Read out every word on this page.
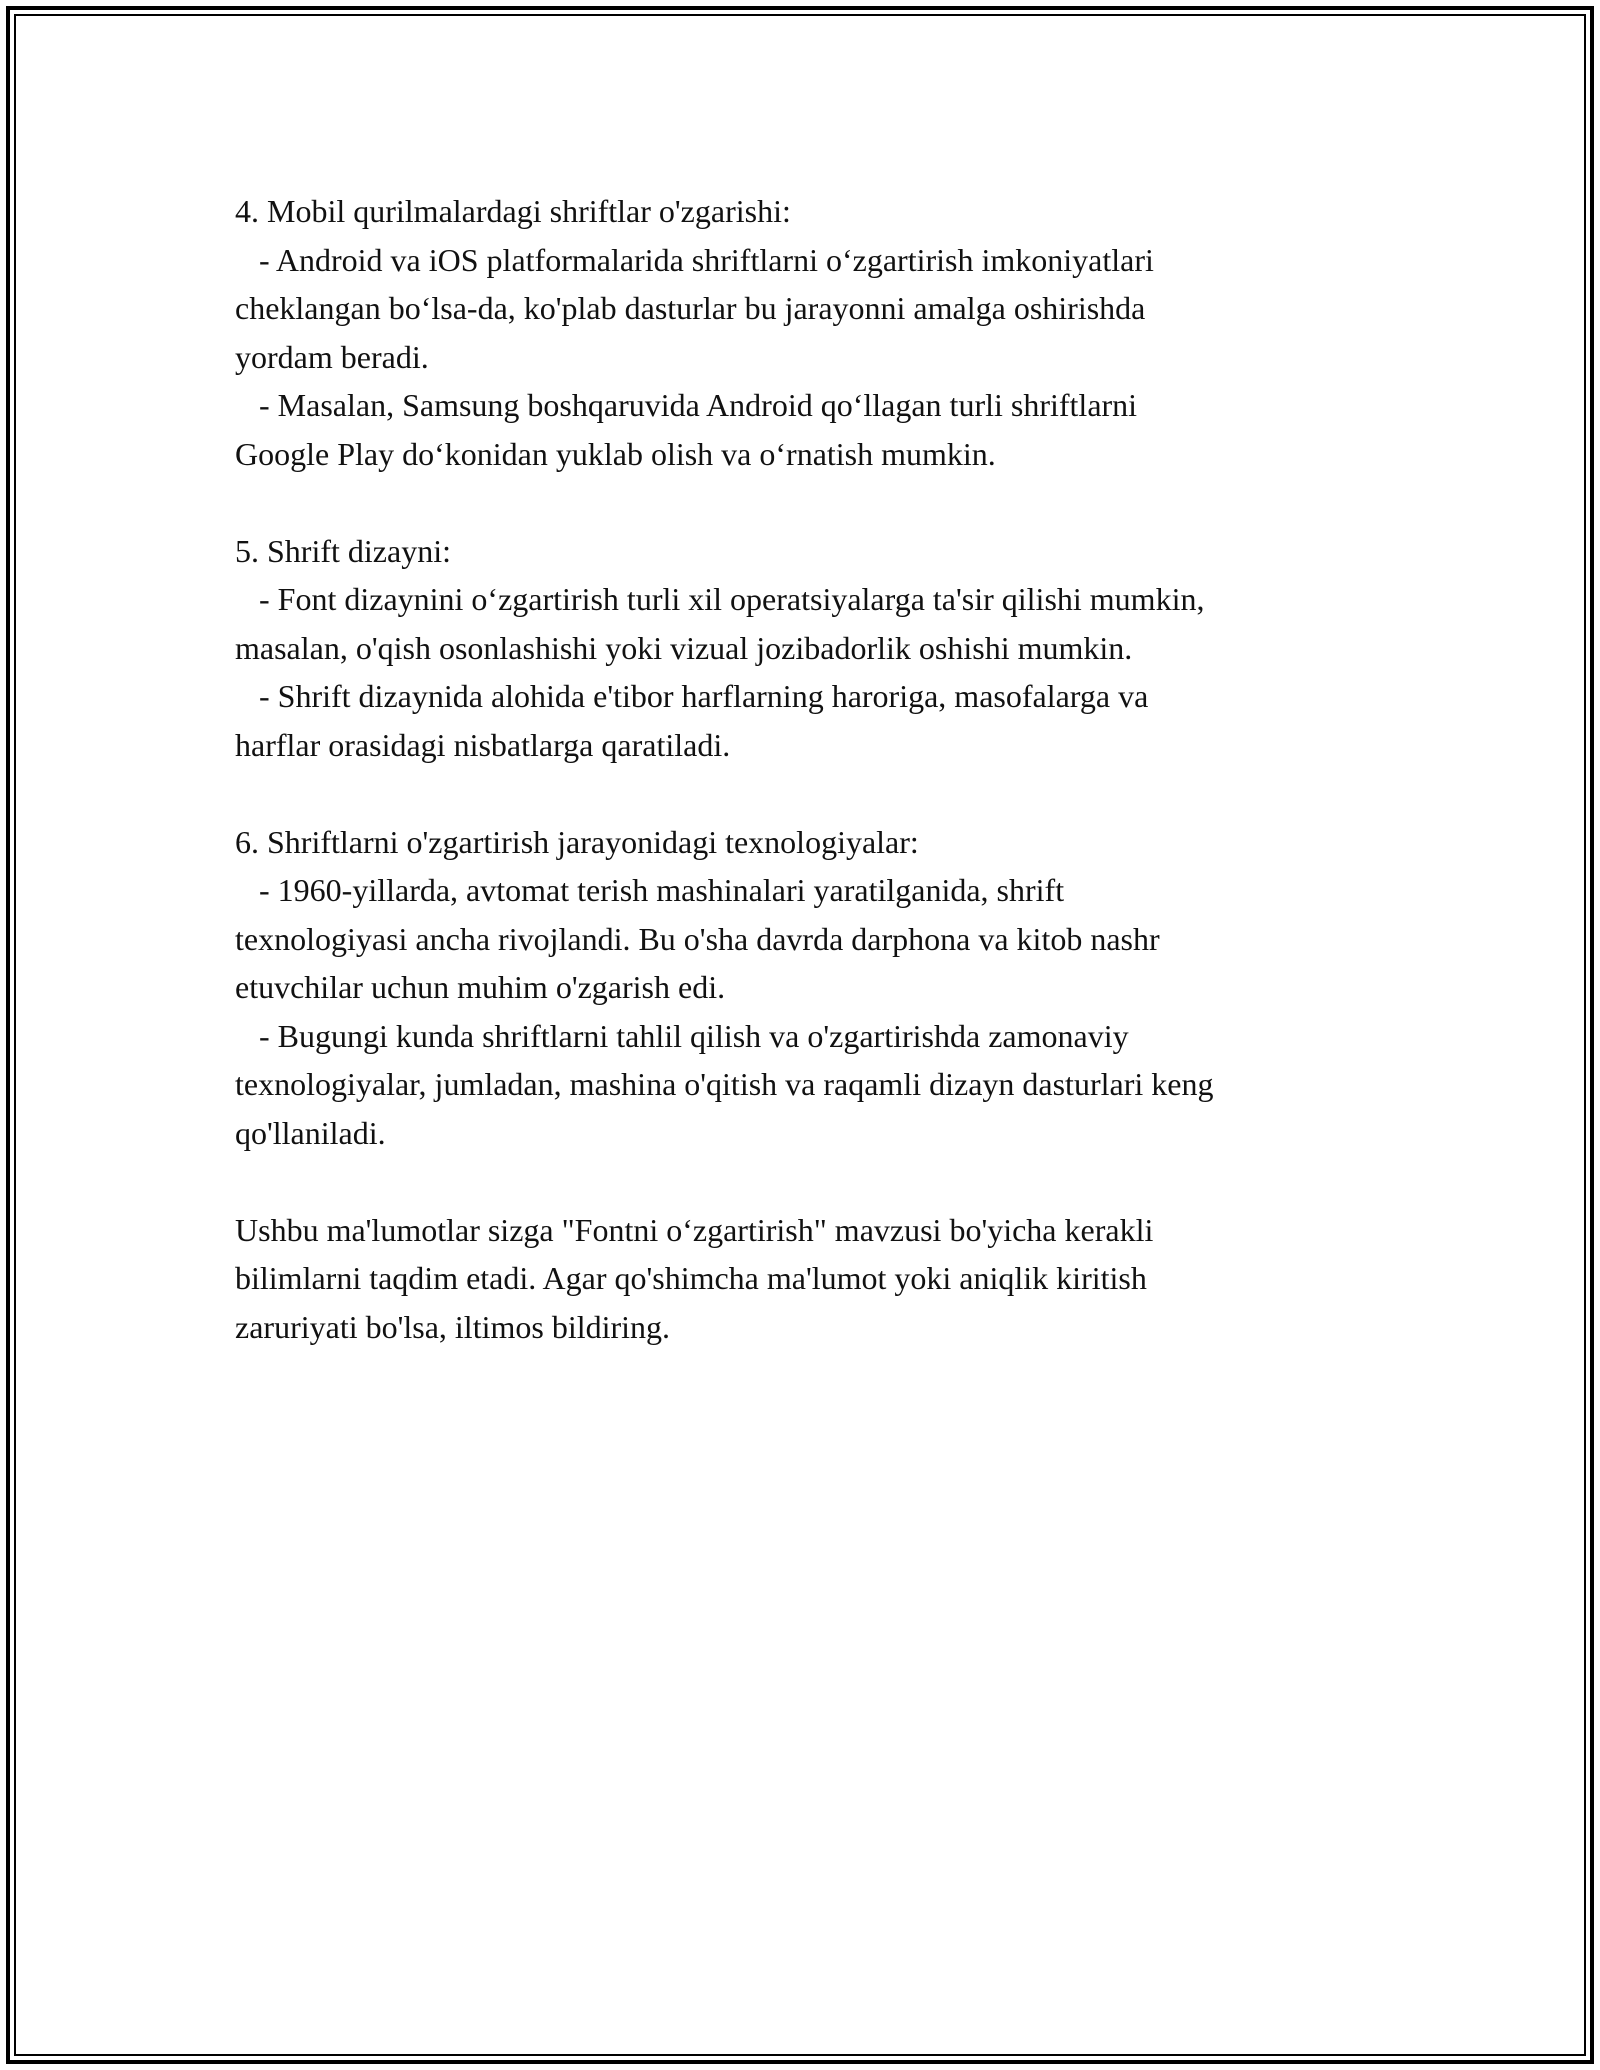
4. Mobil qurilmalardagi shriftlar o'zgarishi:
- Android va iOS platformalarida shriftlarni o‘zgartirish imkoniyatlari
cheklangan bo‘lsa-da, ko'plab dasturlar bu jarayonni amalga oshirishda
yordam beradi.
- Masalan, Samsung boshqaruvida Android qo‘llagan turli shriftlarni
Google Play do‘konidan yuklab olish va o‘rnatish mumkin.
5. Shrift dizayni:
- Font dizaynini o‘zgartirish turli xil operatsiyalarga ta'sir qilishi mumkin,
masalan, o'qish osonlashishi yoki vizual jozibadorlik oshishi mumkin.
- Shrift dizaynida alohida e'tibor harflarning haroriga, masofalarga va
harflar orasidagi nisbatlarga qaratiladi.
6. Shriftlarni o'zgartirish jarayonidagi texnologiyalar:
- 1960-yillarda, avtomat terish mashinalari yaratilganida, shrift
texnologiyasi ancha rivojlandi. Bu o'sha davrda darphona va kitob nashr
etuvchilar uchun muhim o'zgarish edi.
- Bugungi kunda shriftlarni tahlil qilish va o'zgartirishda zamonaviy
texnologiyalar, jumladan, mashina o'qitish va raqamli dizayn dasturlari keng
qo'llaniladi.
Ushbu ma'lumotlar sizga "Fontni o‘zgartirish" mavzusi bo'yicha kerakli
bilimlarni taqdim etadi. Agar qo'shimcha ma'lumot yoki aniqlik kiritish
zaruriyati bo'lsa, iltimos bildiring.
